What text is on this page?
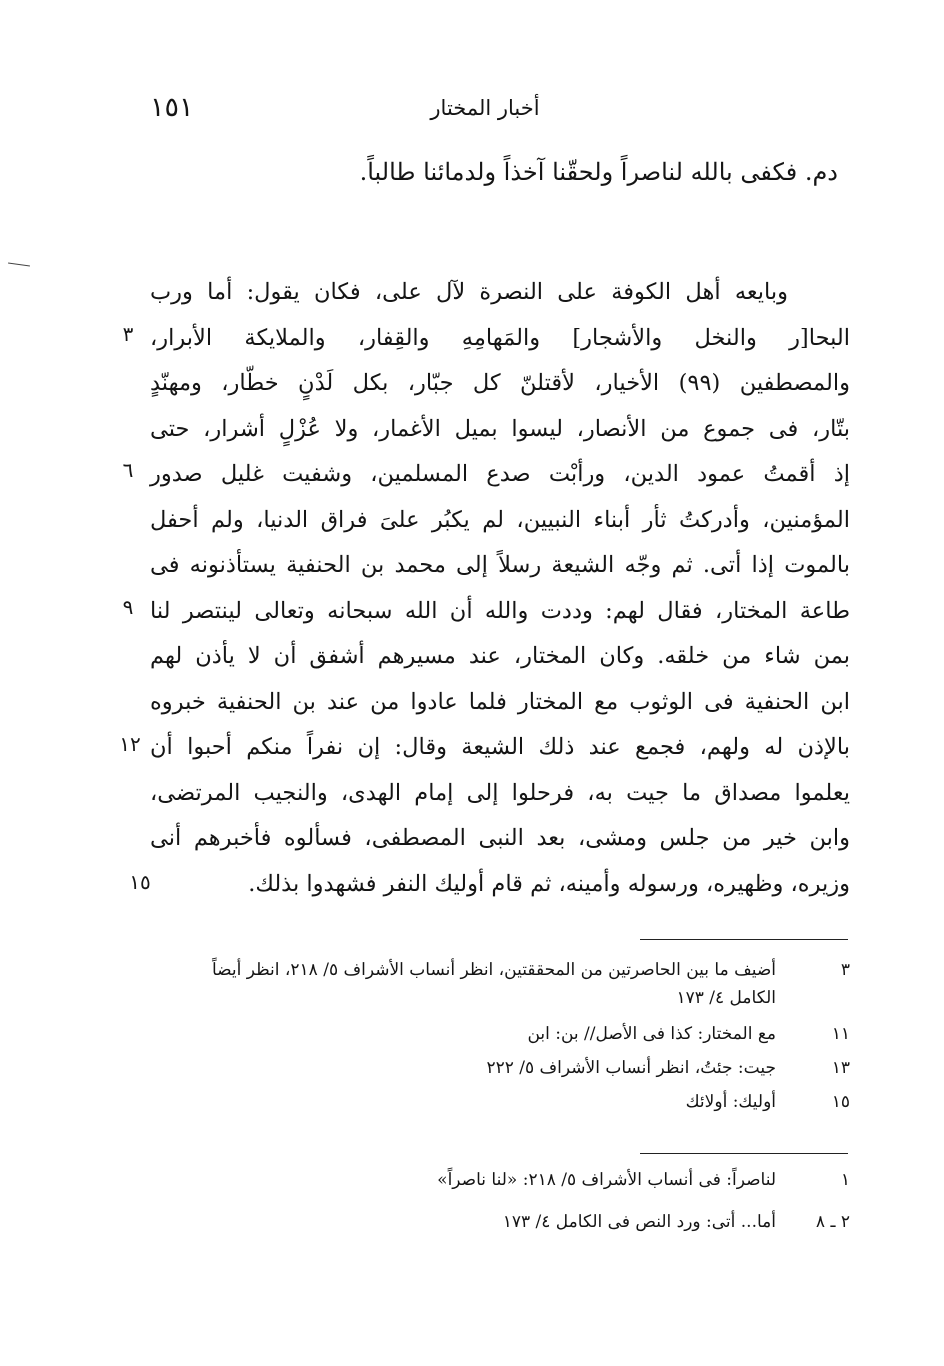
١٥١	أخبار المختار
دم. فكفى بالله لناصراً ولحقّنا آخذاً ولدمائنا طالباً.
وبايعه أهل الكوفة على النصرة لآل على، فكان يقول: أما ورب
البحا[ر والنخل والأشجار] والمَهامِهِ والقِفار، والملايكة الأبرار،
والمصطفين (٩٩) الأخيار، لأقتلنّ كل جبّار، بكل لَدْنٍ خطّار، ومهنّدٍ
بتّار، فى جموع من الأنصار، ليسوا بميل الأغمار، ولا عُزْلٍ أشرار، حتى
إذ أقمتُ عمود الدين، ورأبْت صدع المسلمين، وشفيت غليل صدور
المؤمنين، وأدركتُ ثأر أبناء النبيين، لم يكبُر علىَ فراق الدنيا، ولم أحفل
بالموت إذا أتى. ثم وجّه الشيعة رسلاً إلى محمد بن الحنفية يستأذنونه فى
طاعة المختار، فقال لهم: وددت والله أن الله سبحانه وتعالى لينتصر لنا
بمن شاء من خلقه. وكان المختار، عند مسيرهم أشفق أن لا يأذن لهم
ابن الحنفية فى الوثوب مع المختار فلما عادوا من عند بن الحنفية خبروه
بالإذن له ولهم، فجمع عند ذلك الشيعة وقال: إن نفراً منكم أحبوا أن
يعلموا مصداق ما جيت به، فرحلوا إلى إمام الهدى، والنجيب المرتضى،
وابن خير من جلس ومشى، بعد النبى المصطفى، فسألوه فأخبرهم أنى
وزيره، وظهيره، ورسوله وأمينه، ثم قام أوليك النفر فشهدوا بذلك.
٣
٦
٩
١٢
١٥
٣
أضيف ما بين الحاصرتين من المحققتين، انظر أنساب الأشراف ٥/ ٢١٨، انظر أيضاً
الكامل ٤/ ١٧٣
١١
مع المختار: كذا فى الأصل// بن: ابن
١٣
جيت: جئتُ، انظر أنساب الأشراف ٥/ ٢٢٢
١٥
أوليك: أولائك
١
لناصراً: فى أنساب الأشراف ٥/ ٢١٨: «لنا ناصراً»
٢ ـ ٨
أما... أتى: ورد النص فى الكامل ٤/ ١٧٣
